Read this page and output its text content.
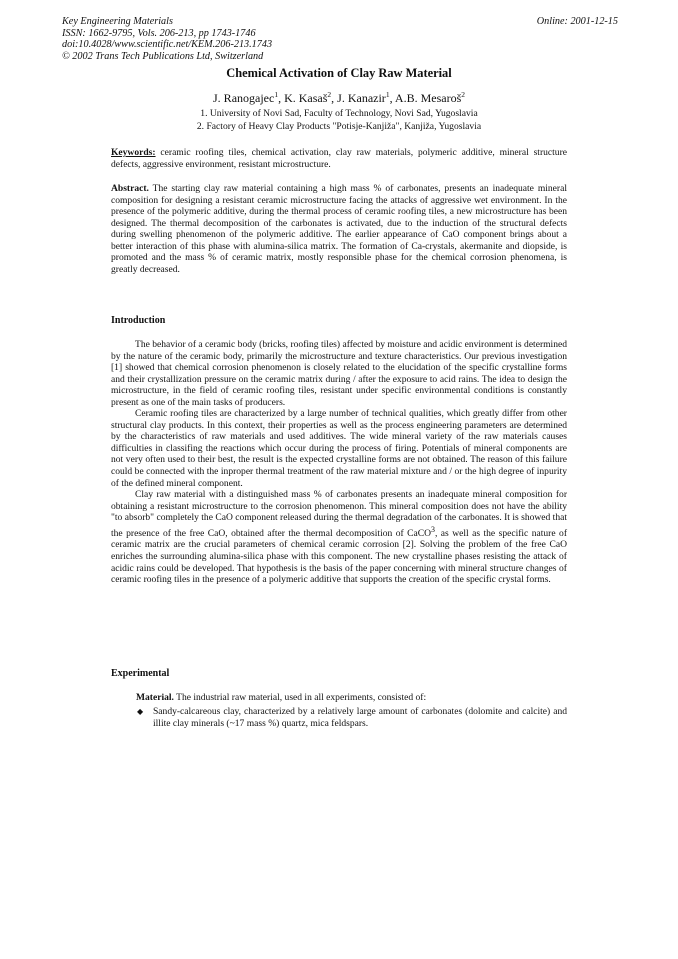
Key Engineering Materials
ISSN: 1662-9795, Vols. 206-213, pp 1743-1746
doi:10.4028/www.scientific.net/KEM.206-213.1743
© 2002 Trans Tech Publications Ltd, Switzerland
Online: 2001-12-15
Chemical Activation of Clay Raw Material
J. Ranogajec$^1$, K. Kasaš$^2$, J. Kanazir$^1$, A.B. Mesaroš$^2$
1. University of Novi Sad, Faculty of Technology, Novi Sad, Yugoslavia
2. Factory of Heavy Clay Products "Potisje-Kanjiža", Kanjiža, Yugoslavia
Keywords: ceramic roofing tiles, chemical activation, clay raw materials, polymeric additive, mineral structure defects, aggressive environment, resistant microstructure.
Abstract. The starting clay raw material containing a high mass % of carbonates, presents an inadequate mineral composition for designing a resistant ceramic microstructure facing the attacks of aggressive wet environment. In the presence of the polymeric additive, during the thermal process of ceramic roofing tiles, a new microstructure has been designed. The thermal decomposition of the carbonates is activated, due to the induction of the structural defects during swelling phenomenon of the polymeric additive. The earlier appearance of CaO component brings about a better interaction of this phase with alumina-silica matrix. The formation of Ca-crystals, akermanite and diopside, is promoted and the mass % of ceramic matrix, mostly responsible phase for the chemical corrosion phenomena, is greatly decreased.
Introduction

The behavior of a ceramic body (bricks, roofing tiles) affected by moisture and acidic environment is determined by the nature of the ceramic body, primarily the microstructure and texture characteristics. Our previous investigation [1] showed that chemical corrosion phenomenon is closely related to the elucidation of the specific crystalline forms and their crystallization pressure on the ceramic matrix during / after the exposure to acid rains. The idea to design the microstructure, in the field of ceramic roofing tiles, resistant under specific environmental conditions is constantly present as one of the main tasks of producers.

Ceramic roofing tiles are characterized by a large number of technical qualities, which greatly differ from other structural clay products. In this context, their properties as well as the process engineering parameters are determined by the characteristics of raw materials and used additives. The wide mineral variety of the raw materials causes difficulties in classifing the reactions which occur during the process of firing. Potentials of mineral components are not very often used to their best, the result is the expected crystalline forms are not obtained. The reason of this failure could be connected with the inproper thermal treatment of the raw material mixture and / or the high degree of inpurity of the defined mineral component.

Clay raw material with a distinguished mass % of carbonates presents an inadequate mineral composition for obtaining a resistant microstructure to the corrosion phenomenon. This mineral composition does not have the ability "to absorb" completely the CaO component released during the thermal degradation of the carbonates. It is showed that the presence of the free CaO, obtained after the thermal decomposition of CaCO$^3$, as well as the specific nature of ceramic matrix are the crucial parameters of chemical ceramic corrosion [2]. Solving the problem of the free CaO enriches the surrounding alumina-silica phase with this component. The new crystalline phases resisting the attack of acidic rains could be developed. That hypothesis is the basis of the paper concerning with mineral structure changes of ceramic roofing tiles in the presence of a polymeric additive that supports the creation of the specific crystal forms.

Experimental
Material. The industrial raw material, used in all experiments, consisted of:
◆ Sandy-calcareous clay, characterized by a relatively large amount of carbonates (dolomite and calcite) and illite clay minerals (~17 mass %) quartz, mica feldspars.
